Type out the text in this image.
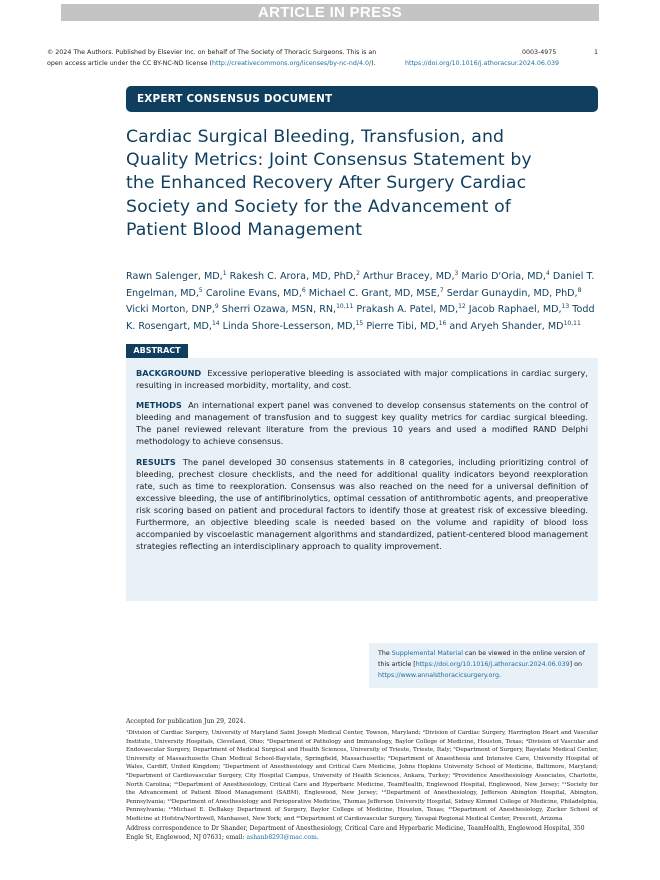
ARTICLE IN PRESS
© 2024 The Authors. Published by Elsevier Inc. on behalf of The Society of Thoracic Surgeons. This is an
open access article under the CC BY-NC-ND license (http://creativecommons.org/licenses/by-nc-nd/4.0/).
0003-4975	1
https://doi.org/10.1016/j.athoracsur.2024.06.039
EXPERT CONSENSUS DOCUMENT
Cardiac Surgical Bleeding, Transfusion, and Quality Metrics: Joint Consensus Statement by the Enhanced Recovery After Surgery Cardiac Society and Society for the Advancement of Patient Blood Management
Rawn Salenger, MD,$^1$ Rakesh C. Arora, MD, PhD,$^2$ Arthur Bracey, MD,$^3$ Mario D'Oria, MD,$^4$ Daniel T. Engelman, MD,$^5$ Caroline Evans, MD,$^6$ Michael C. Grant, MD, MSE,$^7$ Serdar Gunaydin, MD, PhD,$^8$ Vicki Morton, DNP,$^9$ Sherri Ozawa, MSN, RN,$^{10,11}$ Prakash A. Patel, MD,$^{12}$ Jacob Raphael, MD,$^{13}$ Todd K. Rosengart, MD,$^{14}$ Linda Shore-Lesserson, MD,$^{15}$ Pierre Tibi, MD,$^{16}$ and Aryeh Shander, MD$^{10,11}$
ABSTRACT

BACKGROUND Excessive perioperative bleeding is associated with major complications in cardiac surgery, resulting in increased morbidity, mortality, and cost.

METHODS An international expert panel was convened to develop consensus statements on the control of bleeding and management of transfusion and to suggest key quality metrics for cardiac surgical bleeding. The panel reviewed relevant literature from the previous 10 years and used a modified RAND Delphi methodology to achieve consensus.

RESULTS The panel developed 30 consensus statements in 8 categories, including prioritizing control of bleeding, prechest closure checklists, and the need for additional quality indicators beyond reexploration rate, such as time to reexploration. Consensus was also reached on the need for a universal definition of excessive bleeding, the use of antifibrinolytics, optimal cessation of antithrombotic agents, and preoperative risk scoring based on patient and procedural factors to identify those at greatest risk of excessive bleeding. Furthermore, an objective bleeding scale is needed based on the volume and rapidity of blood loss accompanied by viscoelastic management algorithms and standardized, patient-centered blood management strategies reflecting an interdisciplinary approach to quality improvement.

The Supplemental Material can be viewed in the online version of this article [https://doi.org/10.1016/j.athoracsur.2024.06.039] on https://www.annalsthoracicsurgery.org.
Accepted for publication Jun 29, 2024.
¹Division of Cardiac Surgery, University of Maryland Saint Joseph Medical Center, Towson, Maryland; ²Division of Cardiac Surgery, Harrington Heart and Vascular Institute, University Hospitals, Cleveland, Ohio; ³Department of Pathology and Immunology, Baylor College of Medicine, Houston, Texas; ⁴Division of Vascular and Endovascular Surgery, Department of Medical Surgical and Health Sciences, University of Trieste, Trieste, Italy; ⁵Department of Surgery, Baystate Medical Center, University of Massachusetts Chan Medical School-Baystate, Springfield, Massachusetts; ⁶Department of Anaesthesia and Intensive Care, University Hospital of Wales, Cardiff, United Kingdom; ⁷Department of Anesthesiology and Critical Care Medicine, Johns Hopkins University School of Medicine, Baltimore, Maryland; ⁸Department of Cardiovascular Surgery, City Hospital Campus, University of Health Sciences, Ankara, Turkey; ⁹Providence Anesthesiology Associates, Charlotte, North Carolina; ¹⁰Department of Anesthesiology, Critical Care and Hyperbaric Medicine, TeamHealth, Englewood Hospital, Englewood, New Jersey; ¹¹Society for the Advancement of Patient Blood Management (SABM), Englewood, New Jersey; ¹²Department of Anesthesiology, Jefferson Abington Hospital, Abington, Pennsylvania; ¹³Department of Anesthesiology and Perioperative Medicine, Thomas Jefferson University Hospital, Sidney Kimmel College of Medicine, Philadelphia, Pennsylvania; ¹⁴Michael E. DeBakey Department of Surgery, Baylor College of Medicine, Houston, Texas; ¹⁵Department of Anesthesiology, Zucker School of Medicine at Hofstra/Northwell, Manhasset, New York; and ¹⁶Department of Cardiovascular Surgery, Yavapai Regional Medical Center, Prescott, Arizona
Address correspondence to Dr Shander, Department of Anesthesiology, Critical Care and Hyperbaric Medicine, TeamHealth, Englewood Hospital, 350 Engle St, Englewood, NJ 07631; email: ashanb8293@mac.com.
